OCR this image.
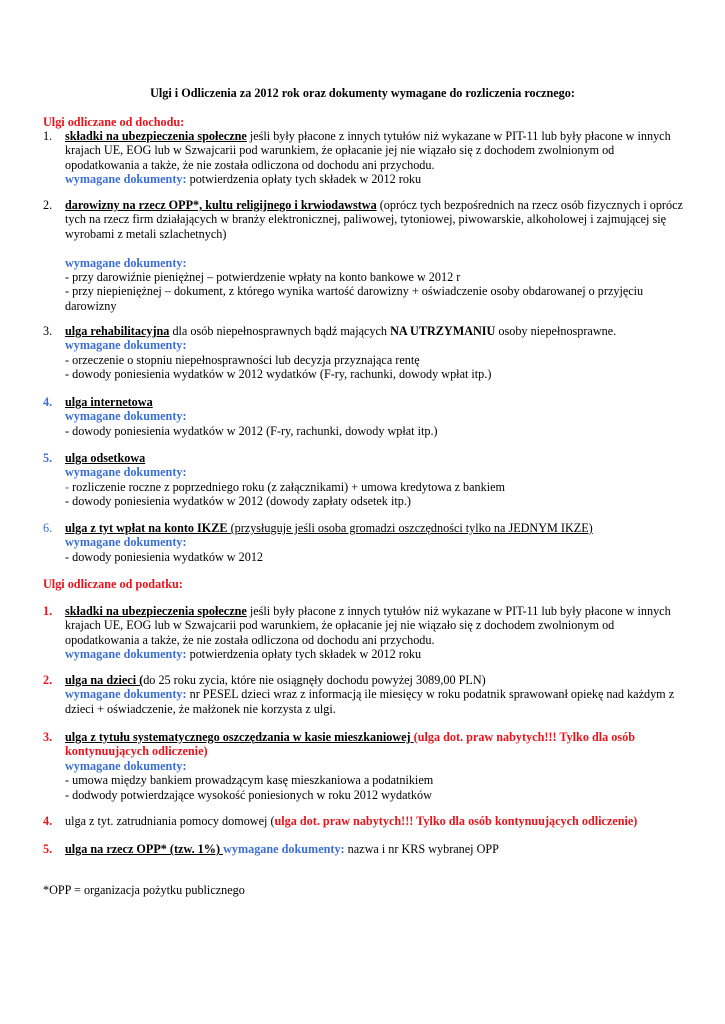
Ulgi i Odliczenia za 2012 rok oraz dokumenty wymagane do rozliczenia rocznego:
Ulgi odliczane od dochodu:
1.	składki na ubezpieczenia społeczne jeśli były płacone z innych tytułów niż wykazane w PIT-11 lub były płacone w innych krajach UE, EOG lub w Szwajcarii pod warunkiem, że opłacanie jej nie wiązało się z dochodem zwolnionym od opodatkowania a także, że nie została odliczona od dochodu ani przychodu.
wymagane dokumenty: potwierdzenia opłaty tych składek w 2012 roku
2.	darowizny na rzecz OPP*, kultu religijnego i krwiodawstwa (oprócz tych bezpośrednich na rzecz osób fizycznych i oprócz tych na rzecz firm działających w branży elektronicznej, paliwowej, tytoniowej, piwowarskie, alkoholowej i zajmującej się wyrobami z metali szlachetnych)
wymagane dokumenty:
- przy darowiźnie pieniężnej – potwierdzenie wpłaty na konto bankowe w 2012 r
- przy niepieniężnej – dokument, z którego wynika wartość darowizny + oświadczenie osoby obdarowanej o przyjęciu darowizny
3.	ulga rehabilitacyjna dla osób niepełnosprawnych bądź mających NA UTRZYMANIU osoby niepełnosprawne.
wymagane dokumenty:
- orzeczenie o stopniu niepełnosprawności lub decyzja przyznająca rentę
- dowody poniesienia wydatków w 2012 wydatków (F-ry, rachunki, dowody wpłat itp.)
4.	ulga internetowa
wymagane dokumenty:
- dowody poniesienia wydatków w 2012 (F-ry, rachunki, dowody wpłat itp.)
5.	ulga odsetkowa
wymagane dokumenty:
- rozliczenie roczne z poprzedniego roku (z załącznikami) + umowa kredytowa z bankiem
- dowody poniesienia wydatków w 2012 (dowody zapłaty odsetek itp.)
6.	ulga z tyt wpłat na konto IKZE (przysługuje jeśli osoba gromadzi oszczędności tylko na JEDNYM IKZE)
wymagane dokumenty:
- dowody poniesienia wydatków w 2012
Ulgi odliczane od podatku:
1.	składki na ubezpieczenia społeczne jeśli były płacone z innych tytułów niż wykazane w PIT-11 lub były płacone w innych krajach UE, EOG lub w Szwajcarii pod warunkiem, że opłacanie jej nie wiązało się z dochodem zwolnionym od opodatkowania a także, że nie została odliczona od dochodu ani przychodu.
wymagane dokumenty: potwierdzenia opłaty tych składek w 2012 roku
2.	ulga na dzieci (do 25 roku zycia, które nie osiągnęły dochodu powyżej 3089,00 PLN)
wymagane dokumenty: nr PESEL dzieci wraz z informacją ile miesięcy w roku podatnik sprawowanł opiekę nad każdym z dzieci + oświadczenie, że małżonek nie korzysta z ulgi.
3.	ulga z tytułu systematycznego oszczędzania w kasie mieszkaniowej (ulga dot. praw nabytych!!! Tylko dla osób kontynuujących odliczenie)
wymagane dokumenty:
- umowa między bankiem prowadzącym kasę mieszkaniowa a podatnikiem
- dodwody potwierdzające wysokość poniesionych w roku 2012 wydatków
4.	ulga z tyt. zatrudniania pomocy domowej (ulga dot. praw nabytych!!! Tylko dla osób kontynuujących odliczenie)
5.	ulga na rzecz OPP* (tzw. 1%) wymagane dokumenty: nazwa i nr KRS wybranej OPP
*OPP = organizacja pożytku publicznego
